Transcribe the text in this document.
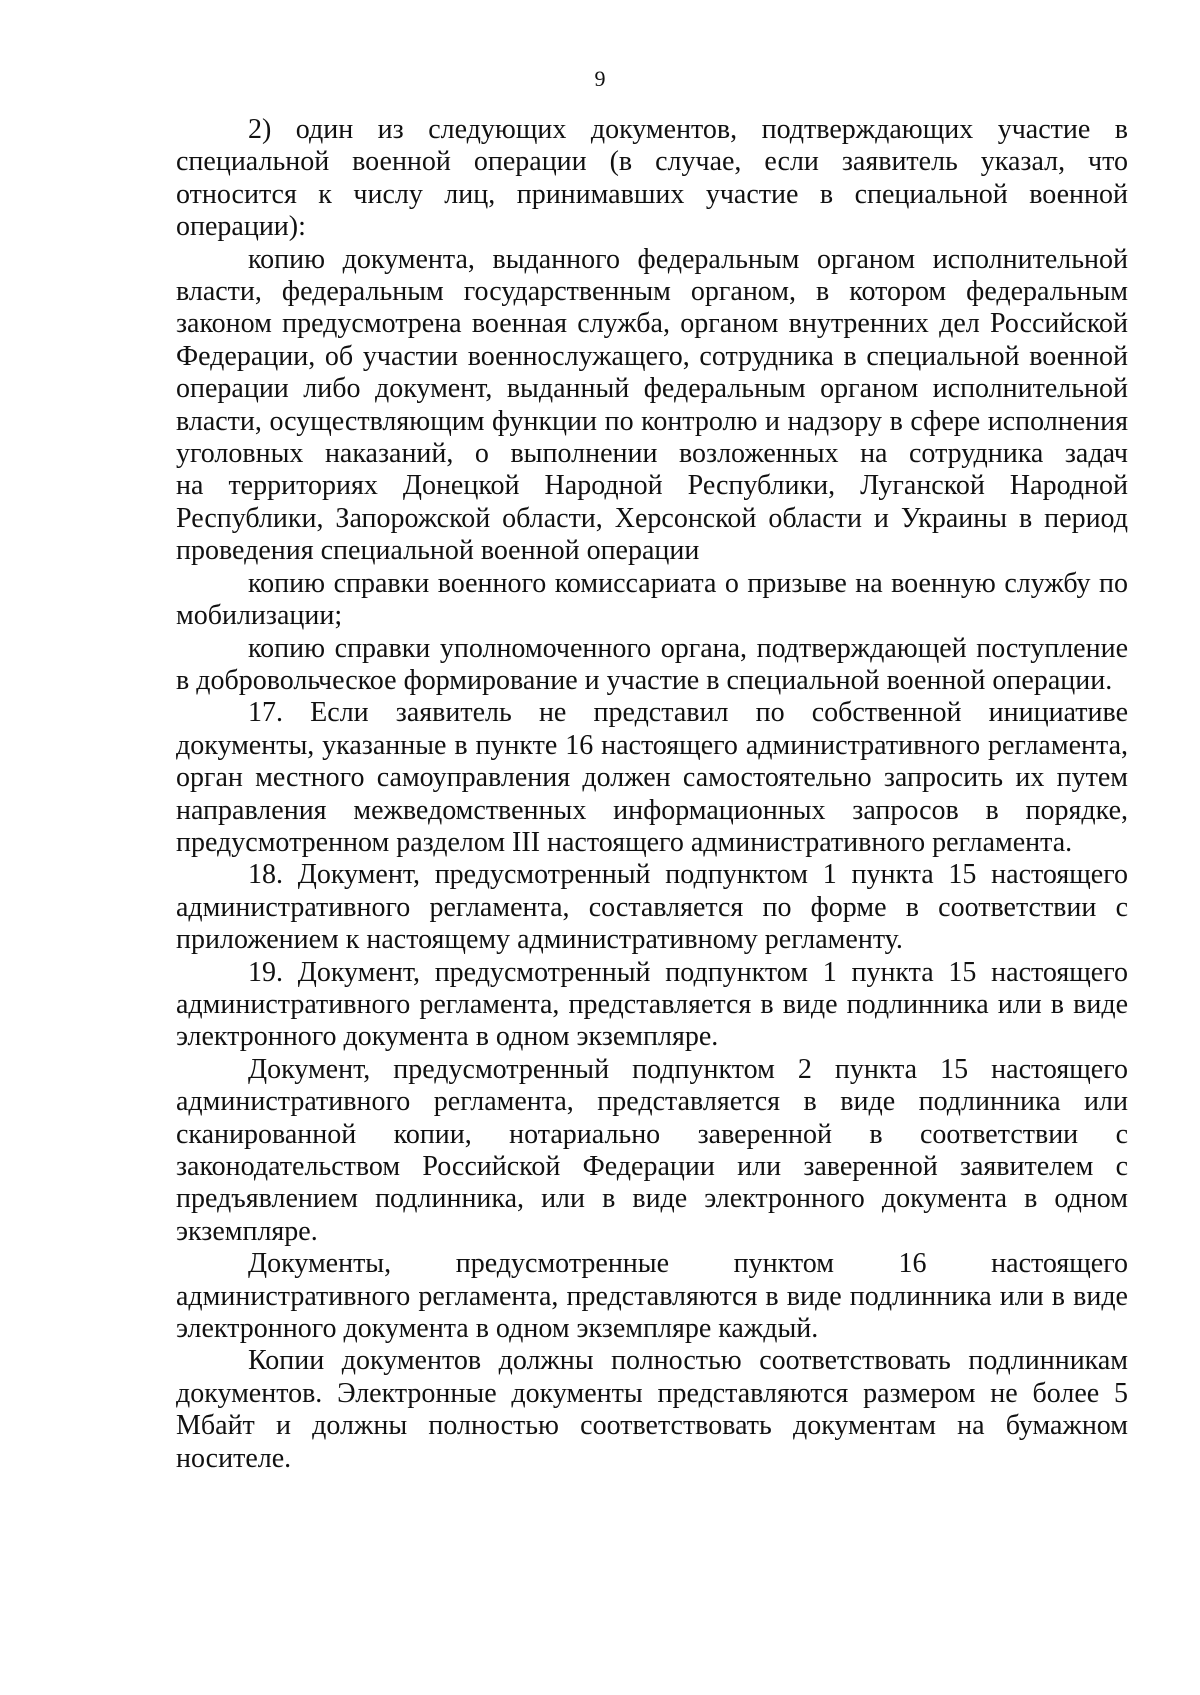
9

2) один из следующих документов, подтверждающих участие в специальной военной операции (в случае, если заявитель указал, что относится к числу лиц, принимавших участие в специальной военной операции):

копию документа, выданного федеральным органом исполнительной власти, федеральным государственным органом, в котором федеральным законом предусмотрена военная служба, органом внутренних дел Российской Федерации, об участии военнослужащего, сотрудника в специальной военной операции либо документ, выданный федеральным органом исполнительной власти, осуществляющим функции по контролю и надзору в сфере исполнения уголовных наказаний, о выполнении возложенных на сотрудника задач

на территориях Донецкой Народной Республики, Луганской Народной Республики, Запорожской области, Херсонской области и Украины в период проведения специальной военной операции

копию справки военного комиссариата о призыве на военную службу по мобилизации;

копию справки уполномоченного органа, подтверждающей поступление в добровольческое формирование и участие в специальной военной операции.

17. Если заявитель не представил по собственной инициативе документы, указанные в пункте 16 настоящего административного регламента, орган местного самоуправления должен самостоятельно запросить их путем направления межведомственных информационных запросов в порядке, предусмотренном разделом III настоящего административного регламента.

18. Документ, предусмотренный подпунктом 1 пункта 15 настоящего административного регламента, составляется по форме в соответствии с приложением к настоящему административному регламенту.

19. Документ, предусмотренный подпунктом 1 пункта 15 настоящего административного регламента, представляется в виде подлинника или в виде электронного документа в одном экземпляре.

Документ, предусмотренный подпунктом 2 пункта 15 настоящего административного регламента, представляется в виде подлинника или сканированной копии, нотариально заверенной в соответствии с законодательством Российской Федерации или заверенной заявителем с предъявлением подлинника, или в виде электронного документа в одном экземпляре.

Документы, предусмотренные пунктом 16 настоящего административного регламента, представляются в виде подлинника или в виде электронного документа в одном экземпляре каждый.

Копии документов должны полностью соответствовать подлинникам документов. Электронные документы представляются размером не более 5 Мбайт и должны полностью соответствовать документам на бумажном носителе.
